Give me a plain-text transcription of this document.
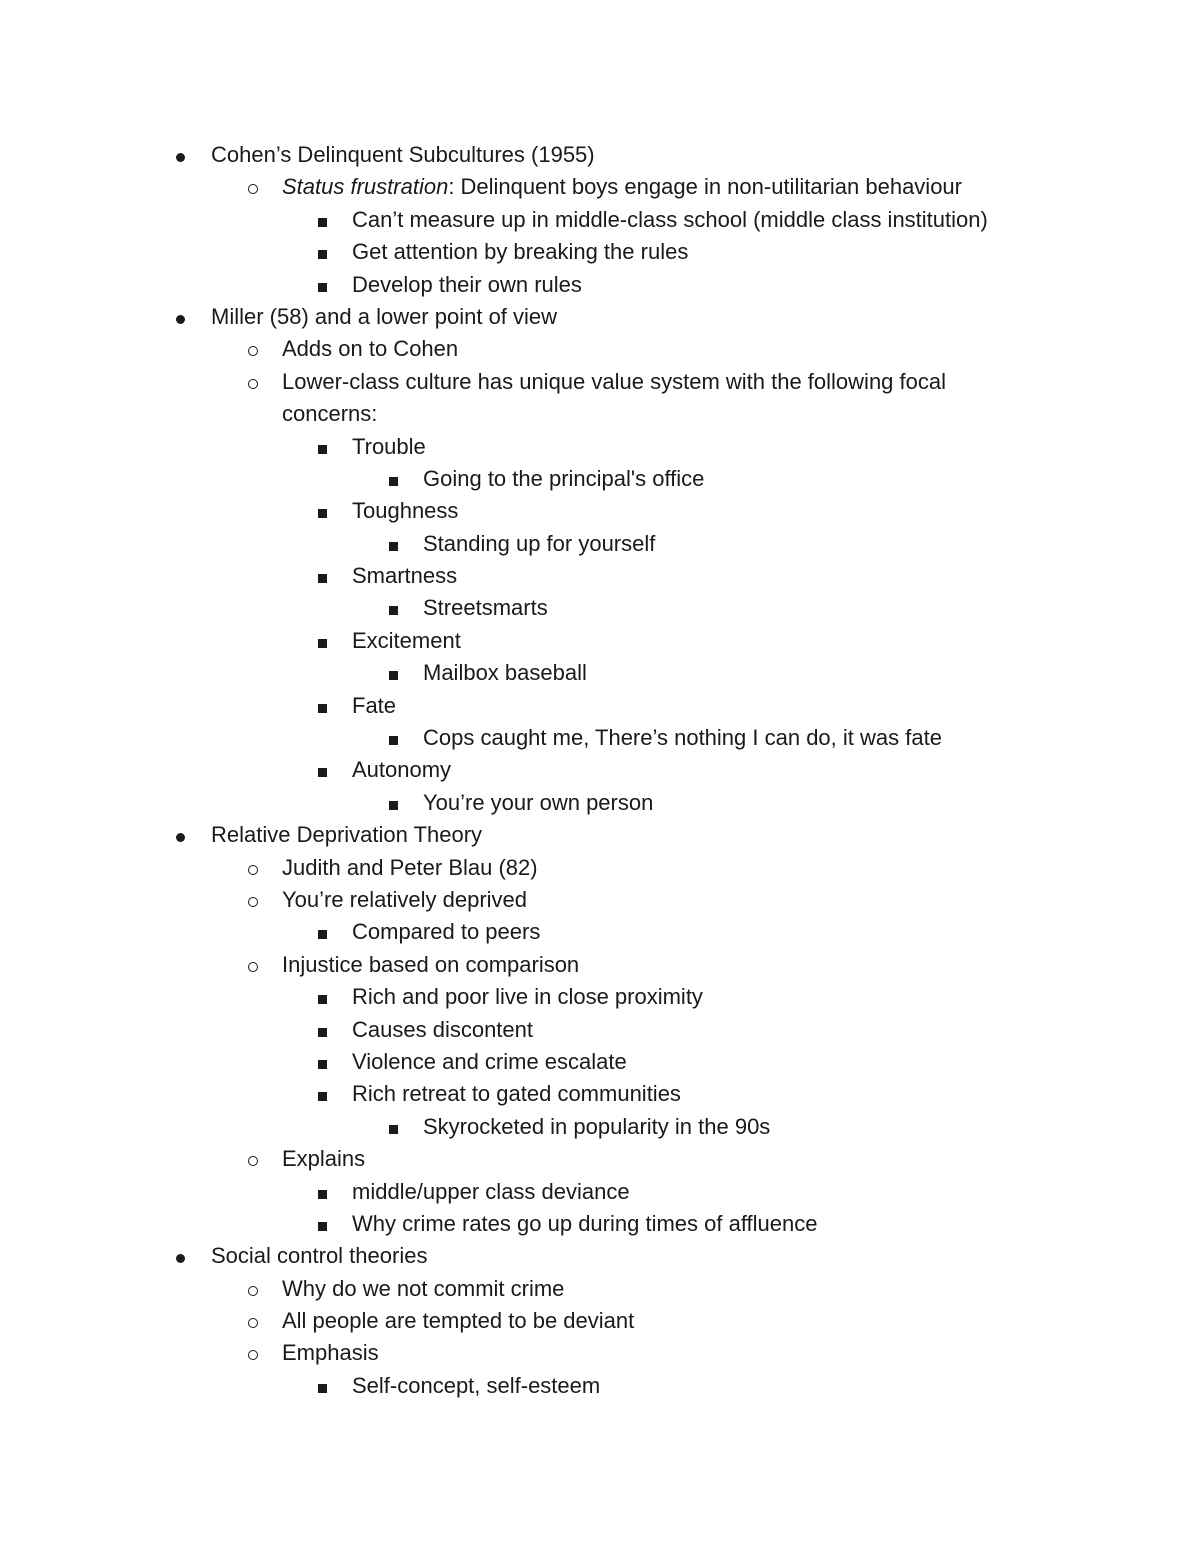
Cohen’s Delinquent Subcultures (1955)
Status frustration: Delinquent boys engage in non-utilitarian behaviour
Can’t measure up in middle-class school (middle class institution)
Get attention by breaking the rules
Develop their own rules
Miller (58) and a lower point of view
Adds on to Cohen
Lower-class culture has unique value system with the following focal
concerns:
Trouble
Going to the principal's office
Toughness
Standing up for yourself
Smartness
Streetsmarts
Excitement
Mailbox baseball
Fate
Cops caught me, There’s nothing I can do, it was fate
Autonomy
You’re your own person
Relative Deprivation Theory
Judith and Peter Blau (82)
You’re relatively deprived
Compared to peers
Injustice based on comparison
Rich and poor live in close proximity
Causes discontent
Violence and crime escalate
Rich retreat to gated communities
Skyrocketed in popularity in the 90s
Explains
middle/upper class deviance
Why crime rates go up during times of affluence
Social control theories
Why do we not commit crime
All people are tempted to be deviant
Emphasis
Self-concept, self-esteem
